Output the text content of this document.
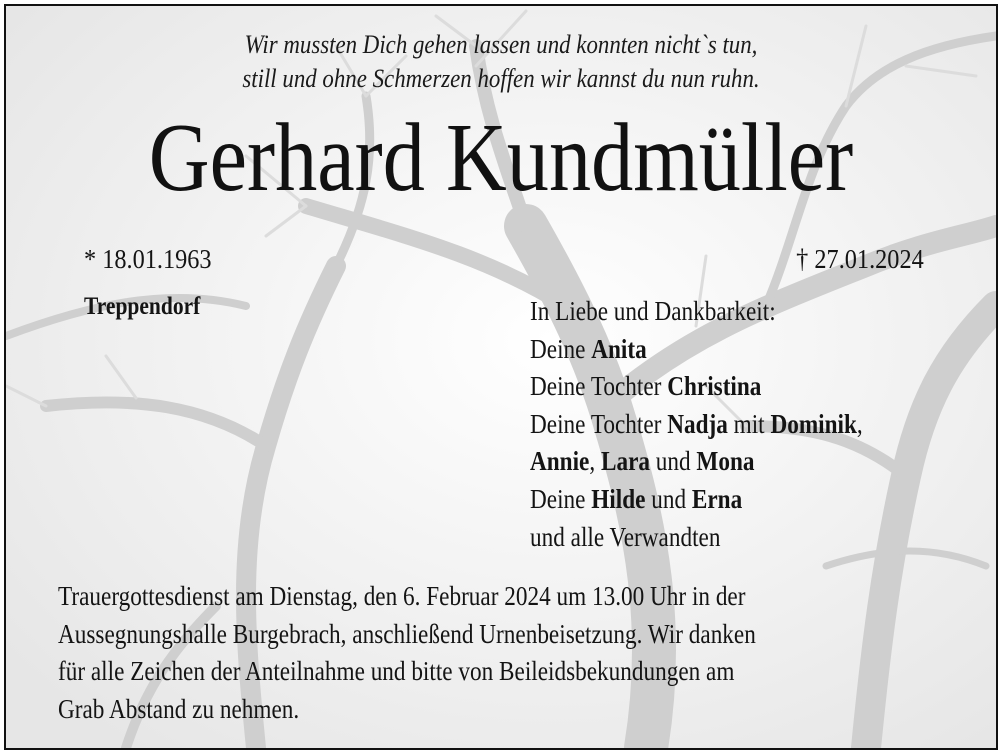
Wir mussten Dich gehen lassen und konnten nicht`s tun,
still und ohne Schmerzen hoffen wir kannst du nun ruhn.
Gerhard Kundmüller
* 18.01.1963	† 27.01.2024
Treppendorf	In Liebe und Dankbarkeit:
Deine Anita
Deine Tochter Christina
Deine Tochter Nadja mit Dominik,
Annie, Lara und Mona
Deine Hilde und Erna
und alle Verwandten
Trauergottesdienst am Dienstag, den 6. Februar 2024 um 13.00 Uhr in der
Aussegnungshalle Burgebrach, anschließend Urnenbeisetzung. Wir danken
für alle Zeichen der Anteilnahme und bitte von Beileidsbekundungen am
Grab Abstand zu nehmen.
